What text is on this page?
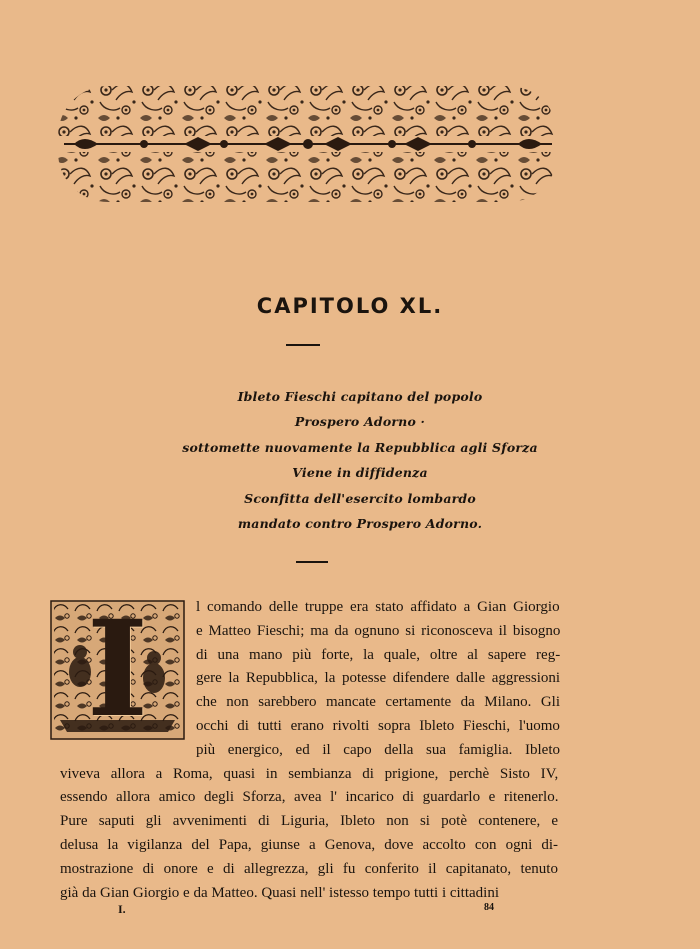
CAPITOLO XL.
Ibleto Fieschi capitano del popolo
Prospero Adorno ·
sottomette nuovamente la Repubblica agli Sforza
Viene in diffidenza
Sconfitta dell'esercito lombardo
mandato contro Prospero Adorno.
I	l comando delle truppe era stato affidato a Gian Giorgio
e Matteo Fieschi; ma da ognuno si riconosceva il bisogno
di una mano più forte, la quale, oltre al sapere reg-
gere la Repubblica, la potesse difendere dalle aggressioni
che non sarebbero mancate certamente da Milano. Gli
occhi di tutti erano rivolti sopra Ibleto Fieschi, l'uomo
più energico, ed il capo della sua famiglia. Ibleto
viveva allora a Roma, quasi in sembianza di prigione, perchè Sisto IV,
essendo allora amico degli Sforza, avea l' incarico di guardarlo e ritenerlo.
Pure saputi gli avvenimenti di Liguria, Ibleto non si potè contenere, e
delusa la vigilanza del Papa, giunse a Genova, dove accolto con ogni di-
mostrazione di onore e di allegrezza, gli fu conferito il capitanato, tenuto
già da Gian Giorgio e da Matteo. Quasi nell' istesso tempo tutti i cittadini
I.	84
